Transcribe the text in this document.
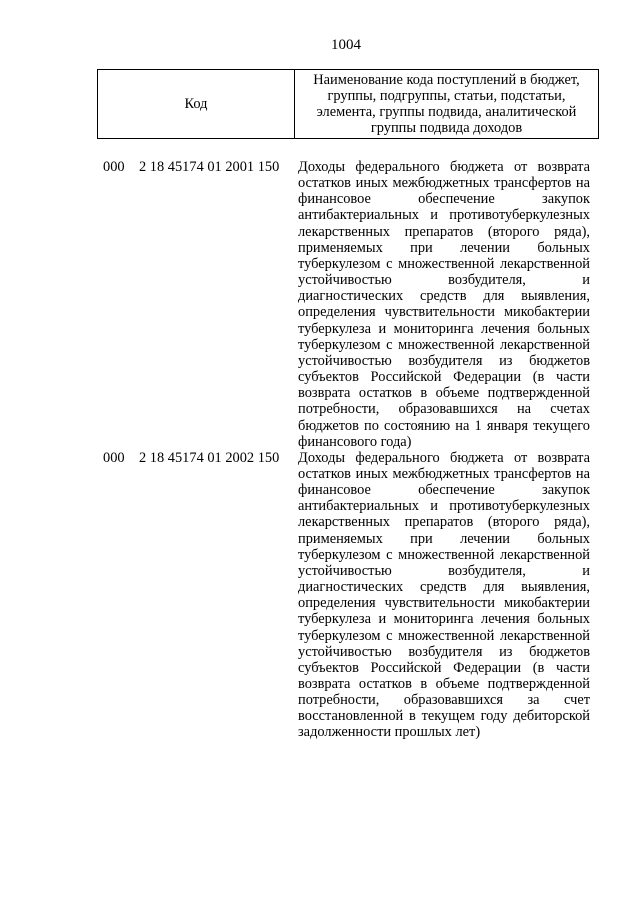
1004
Код
Наименование кода поступлений в бюджет, группы, подгруппы, статьи, подстатьи, элемента, группы подвида, аналитической группы подвида доходов
000 2 18 45174 01 2001 150 Доходы федерального бюджета от возврата остатков иных межбюджетных трансфертов на финансовое обеспечение закупок антибактериальных и противотуберкулезных лекарственных препаратов (второго ряда), применяемых при лечении больных туберкулезом с множественной лекарственной устойчивостью возбудителя, и диагностических средств для выявления, определения чувствительности микобактерии туберкулеза и мониторинга лечения больных туберкулезом с множественной лекарственной устойчивостью возбудителя из бюджетов субъектов Российской Федерации (в части возврата остатков в объеме подтвержденной потребности, образовавшихся на счетах бюджетов по состоянию на 1 января текущего финансового года)
000 2 18 45174 01 2002 150 Доходы федерального бюджета от возврата остатков иных межбюджетных трансфертов на финансовое обеспечение закупок антибактериальных и противотуберкулезных лекарственных препаратов (второго ряда), применяемых при лечении больных туберкулезом с множественной лекарственной устойчивостью возбудителя, и диагностических средств для выявления, определения чувствительности микобактерии туберкулеза и мониторинга лечения больных туберкулезом с множественной лекарственной устойчивостью возбудителя из бюджетов субъектов Российской Федерации (в части возврата остатков в объеме подтвержденной потребности, образовавшихся за счет восстановленной в текущем году дебиторской задолженности прошлых лет)
